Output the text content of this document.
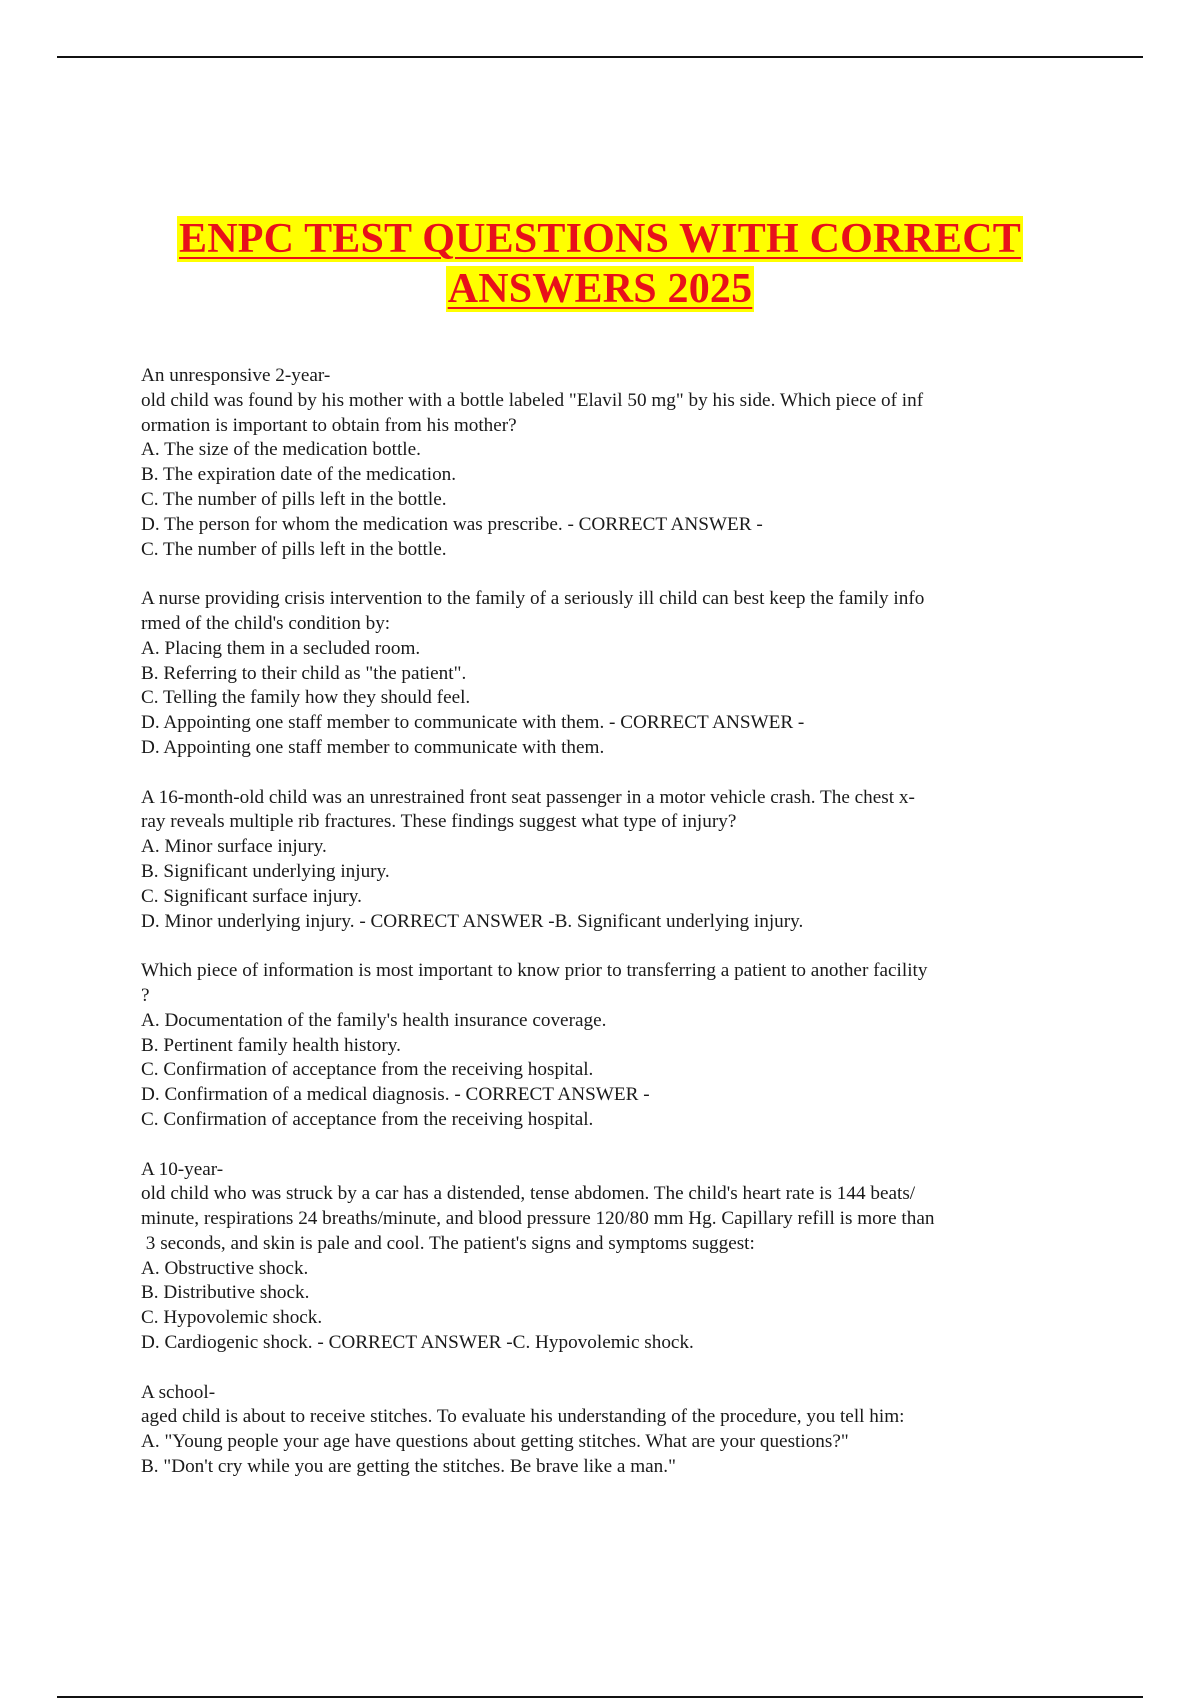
ENPC TEST QUESTIONS WITH CORRECT
ANSWERS 2025
An unresponsive 2-year-
old child was found by his mother with a bottle labeled "Elavil 50 mg" by his side. Which piece of inf
ormation is important to obtain from his mother?
A. The size of the medication bottle.
B. The expiration date of the medication.
C. The number of pills left in the bottle.
D. The person for whom the medication was prescribe. - CORRECT ANSWER -
C. The number of pills left in the bottle.
A nurse providing crisis intervention to the family of a seriously ill child can best keep the family info
rmed of the child's condition by:
A. Placing them in a secluded room.
B. Referring to their child as "the patient".
C. Telling the family how they should feel.
D. Appointing one staff member to communicate with them. - CORRECT ANSWER -
D. Appointing one staff member to communicate with them.
A 16-month-old child was an unrestrained front seat passenger in a motor vehicle crash. The chest x-
ray reveals multiple rib fractures. These findings suggest what type of injury?
A. Minor surface injury.
B. Significant underlying injury.
C. Significant surface injury.
D. Minor underlying injury. - CORRECT ANSWER -B. Significant underlying injury.
Which piece of information is most important to know prior to transferring a patient to another facility
?
A. Documentation of the family's health insurance coverage.
B. Pertinent family health history.
C. Confirmation of acceptance from the receiving hospital.
D. Confirmation of a medical diagnosis. - CORRECT ANSWER -
C. Confirmation of acceptance from the receiving hospital.
A 10-year-
old child who was struck by a car has a distended, tense abdomen. The child's heart rate is 144 beats/
minute, respirations 24 breaths/minute, and blood pressure 120/80 mm Hg. Capillary refill is more than
3 seconds, and skin is pale and cool. The patient's signs and symptoms suggest:
A. Obstructive shock.
B. Distributive shock.
C. Hypovolemic shock.
D. Cardiogenic shock. - CORRECT ANSWER -C. Hypovolemic shock.
A school-
aged child is about to receive stitches. To evaluate his understanding of the procedure, you tell him:
A. "Young people your age have questions about getting stitches. What are your questions?"
B. "Don't cry while you are getting the stitches. Be brave like a man."
